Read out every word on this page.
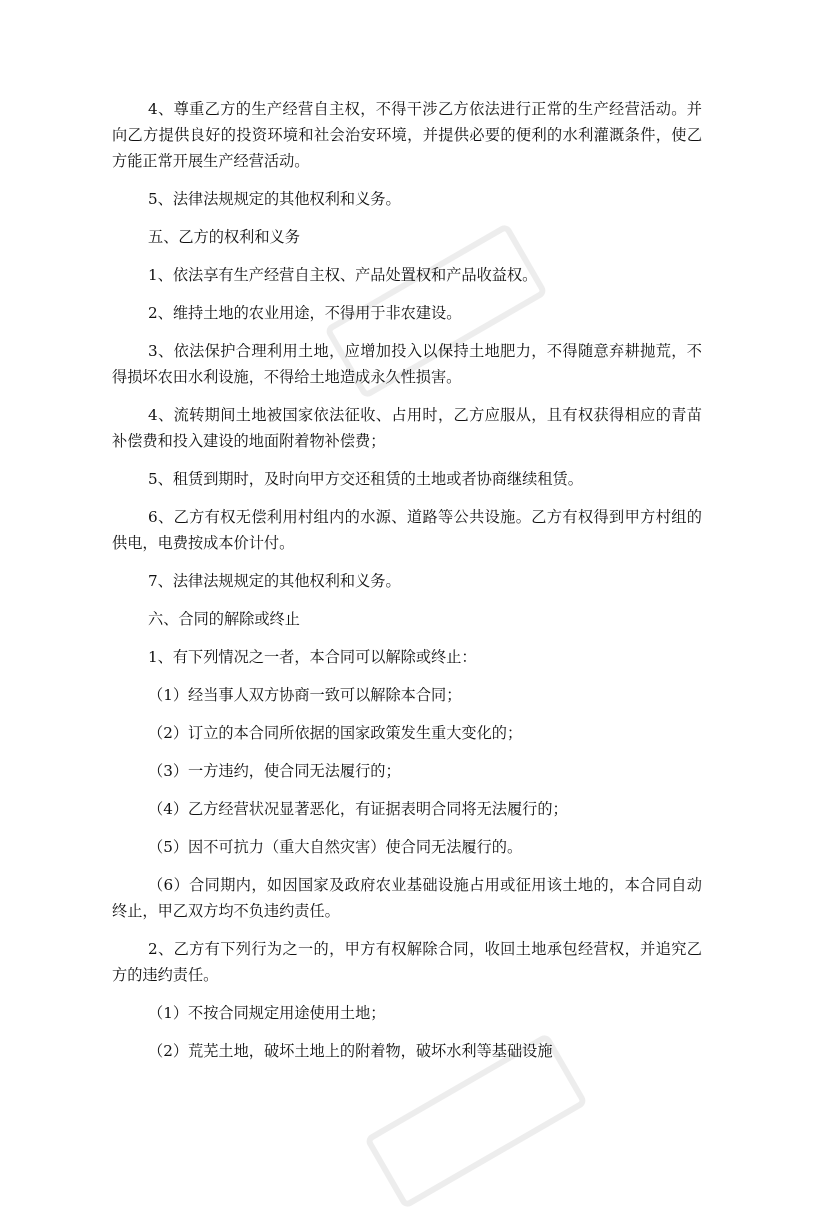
4、尊重乙方的生产经营自主权，不得干涉乙方依法进行正常的生产经营活动。并向乙方提供良好的投资环境和社会治安环境，并提供必要的便利的水利灌溉条件，使乙方能正常开展生产经营活动。

5、法律法规规定的其他权利和义务。

五、乙方的权利和义务

1、依法享有生产经营自主权、产品处置权和产品收益权。

2、维持土地的农业用途，不得用于非农建设。

3、依法保护合理利用土地，应增加投入以保持土地肥力，不得随意弃耕抛荒，不得损坏农田水利设施，不得给土地造成永久性损害。

4、流转期间土地被国家依法征收、占用时，乙方应服从，且有权获得相应的青苗补偿费和投入建设的地面附着物补偿费；

5、租赁到期时，及时向甲方交还租赁的土地或者协商继续租赁。

6、乙方有权无偿利用村组内的水源、道路等公共设施。乙方有权得到甲方村组的供电，电费按成本价计付。

7、法律法规规定的其他权利和义务。

六、合同的解除或终止

1、有下列情况之一者，本合同可以解除或终止：

（1）经当事人双方协商一致可以解除本合同；

（2）订立的本合同所依据的国家政策发生重大变化的；

（3）一方违约，使合同无法履行的；

（4）乙方经营状况显著恶化，有证据表明合同将无法履行的；

（5）因不可抗力（重大自然灾害）使合同无法履行的。

（6）合同期内，如因国家及政府农业基础设施占用或征用该土地的，本合同自动终止，甲乙双方均不负违约责任。

2、乙方有下列行为之一的，甲方有权解除合同，收回土地承包经营权，并追究乙方的违约责任。

（1）不按合同规定用途使用土地；

（2）荒芜土地，破坏土地上的附着物，破坏水利等基础设施
